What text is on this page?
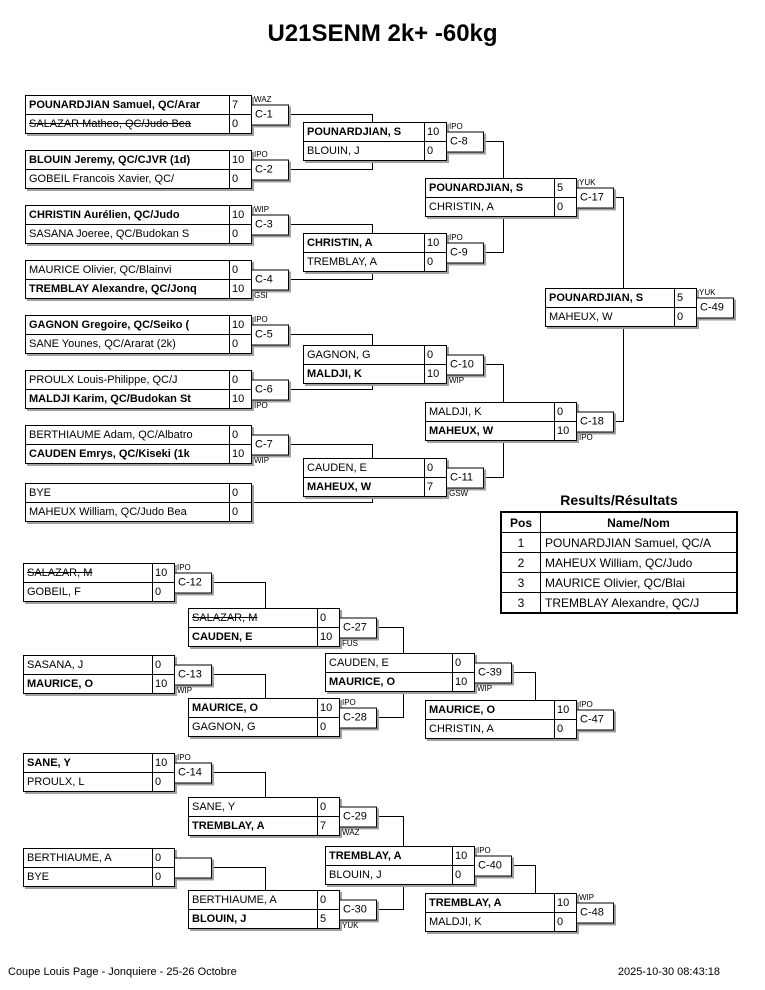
U21SENM 2k+ -60kg
POUNARDJIAN Samuel, QC/Arar	7
SALAZAR Matheo, QC/Judo Bea	0
C-1
WAZ
BLOUIN Jeremy, QC/CJVR (1d)	10
GOBEIL Francois Xavier, QC/	0
C-2
IPO
CHRISTIN Aurélien, QC/Judo	10
SASANA Joeree, QC/Budokan S	0
C-3
WIP
MAURICE Olivier, QC/Blainvi	0
TREMBLAY Alexandre, QC/Jonq	10
C-4
GSI
GAGNON Gregoire, QC/Seiko (	10
SANE Younes, QC/Ararat (2k)	0
C-5
IPO
PROULX Louis-Philippe, QC/J	0
MALDJI Karim, QC/Budokan St	10
C-6
IPO
BERTHIAUME Adam, QC/Albatro	0
CAUDEN Emrys, QC/Kiseki (1k	10
C-7
WIP
BYE	0
MAHEUX William, QC/Judo Bea	0
POUNARDJIAN, S	10
BLOUIN, J	0
C-8
IPO
CHRISTIN, A	10
TREMBLAY, A	0
C-9
IPO
GAGNON, G	0
MALDJI, K	10
C-10
WIP
CAUDEN, E	0
MAHEUX, W	7
C-11
GSW
POUNARDJIAN, S	5
CHRISTIN, A	0
C-17
YUK
MALDJI, K	0
MAHEUX, W	10
C-18
IPO
POUNARDJIAN, S	5
MAHEUX, W	0
C-49
YUK
SALAZAR, M	10
GOBEIL, F	0
C-12
IPO
SASANA, J	0
MAURICE, O	10
C-13
WIP
SANE, Y	10
PROULX, L	0
C-14
IPO
BERTHIAUME, A	0
BYE	0
SALAZAR, M	0
CAUDEN, E	10
C-27
FUS
MAURICE, O	10
GAGNON, G	0
C-28
IPO
SANE, Y	0
TREMBLAY, A	7
C-29
WAZ
BERTHIAUME, A	0
BLOUIN, J	5
C-30
YUK
CAUDEN, E	0
MAURICE, O	10
C-39
WIP
TREMBLAY, A	10
BLOUIN, J	0
C-40
IPO
MAURICE, O	10
CHRISTIN, A	0
C-47
IPO
TREMBLAY, A	10
MALDJI, K	0
C-48
WIP
Results/Résultats
Pos	Name/Nom
1	POUNARDJIAN Samuel, QC/A
2	MAHEUX William, QC/Judo
3	MAURICE Olivier, QC/Blai
3	TREMBLAY Alexandre, QC/J
Coupe Louis Page - Jonquiere - 25-26 Octobre	2025-10-30 08:43:18
